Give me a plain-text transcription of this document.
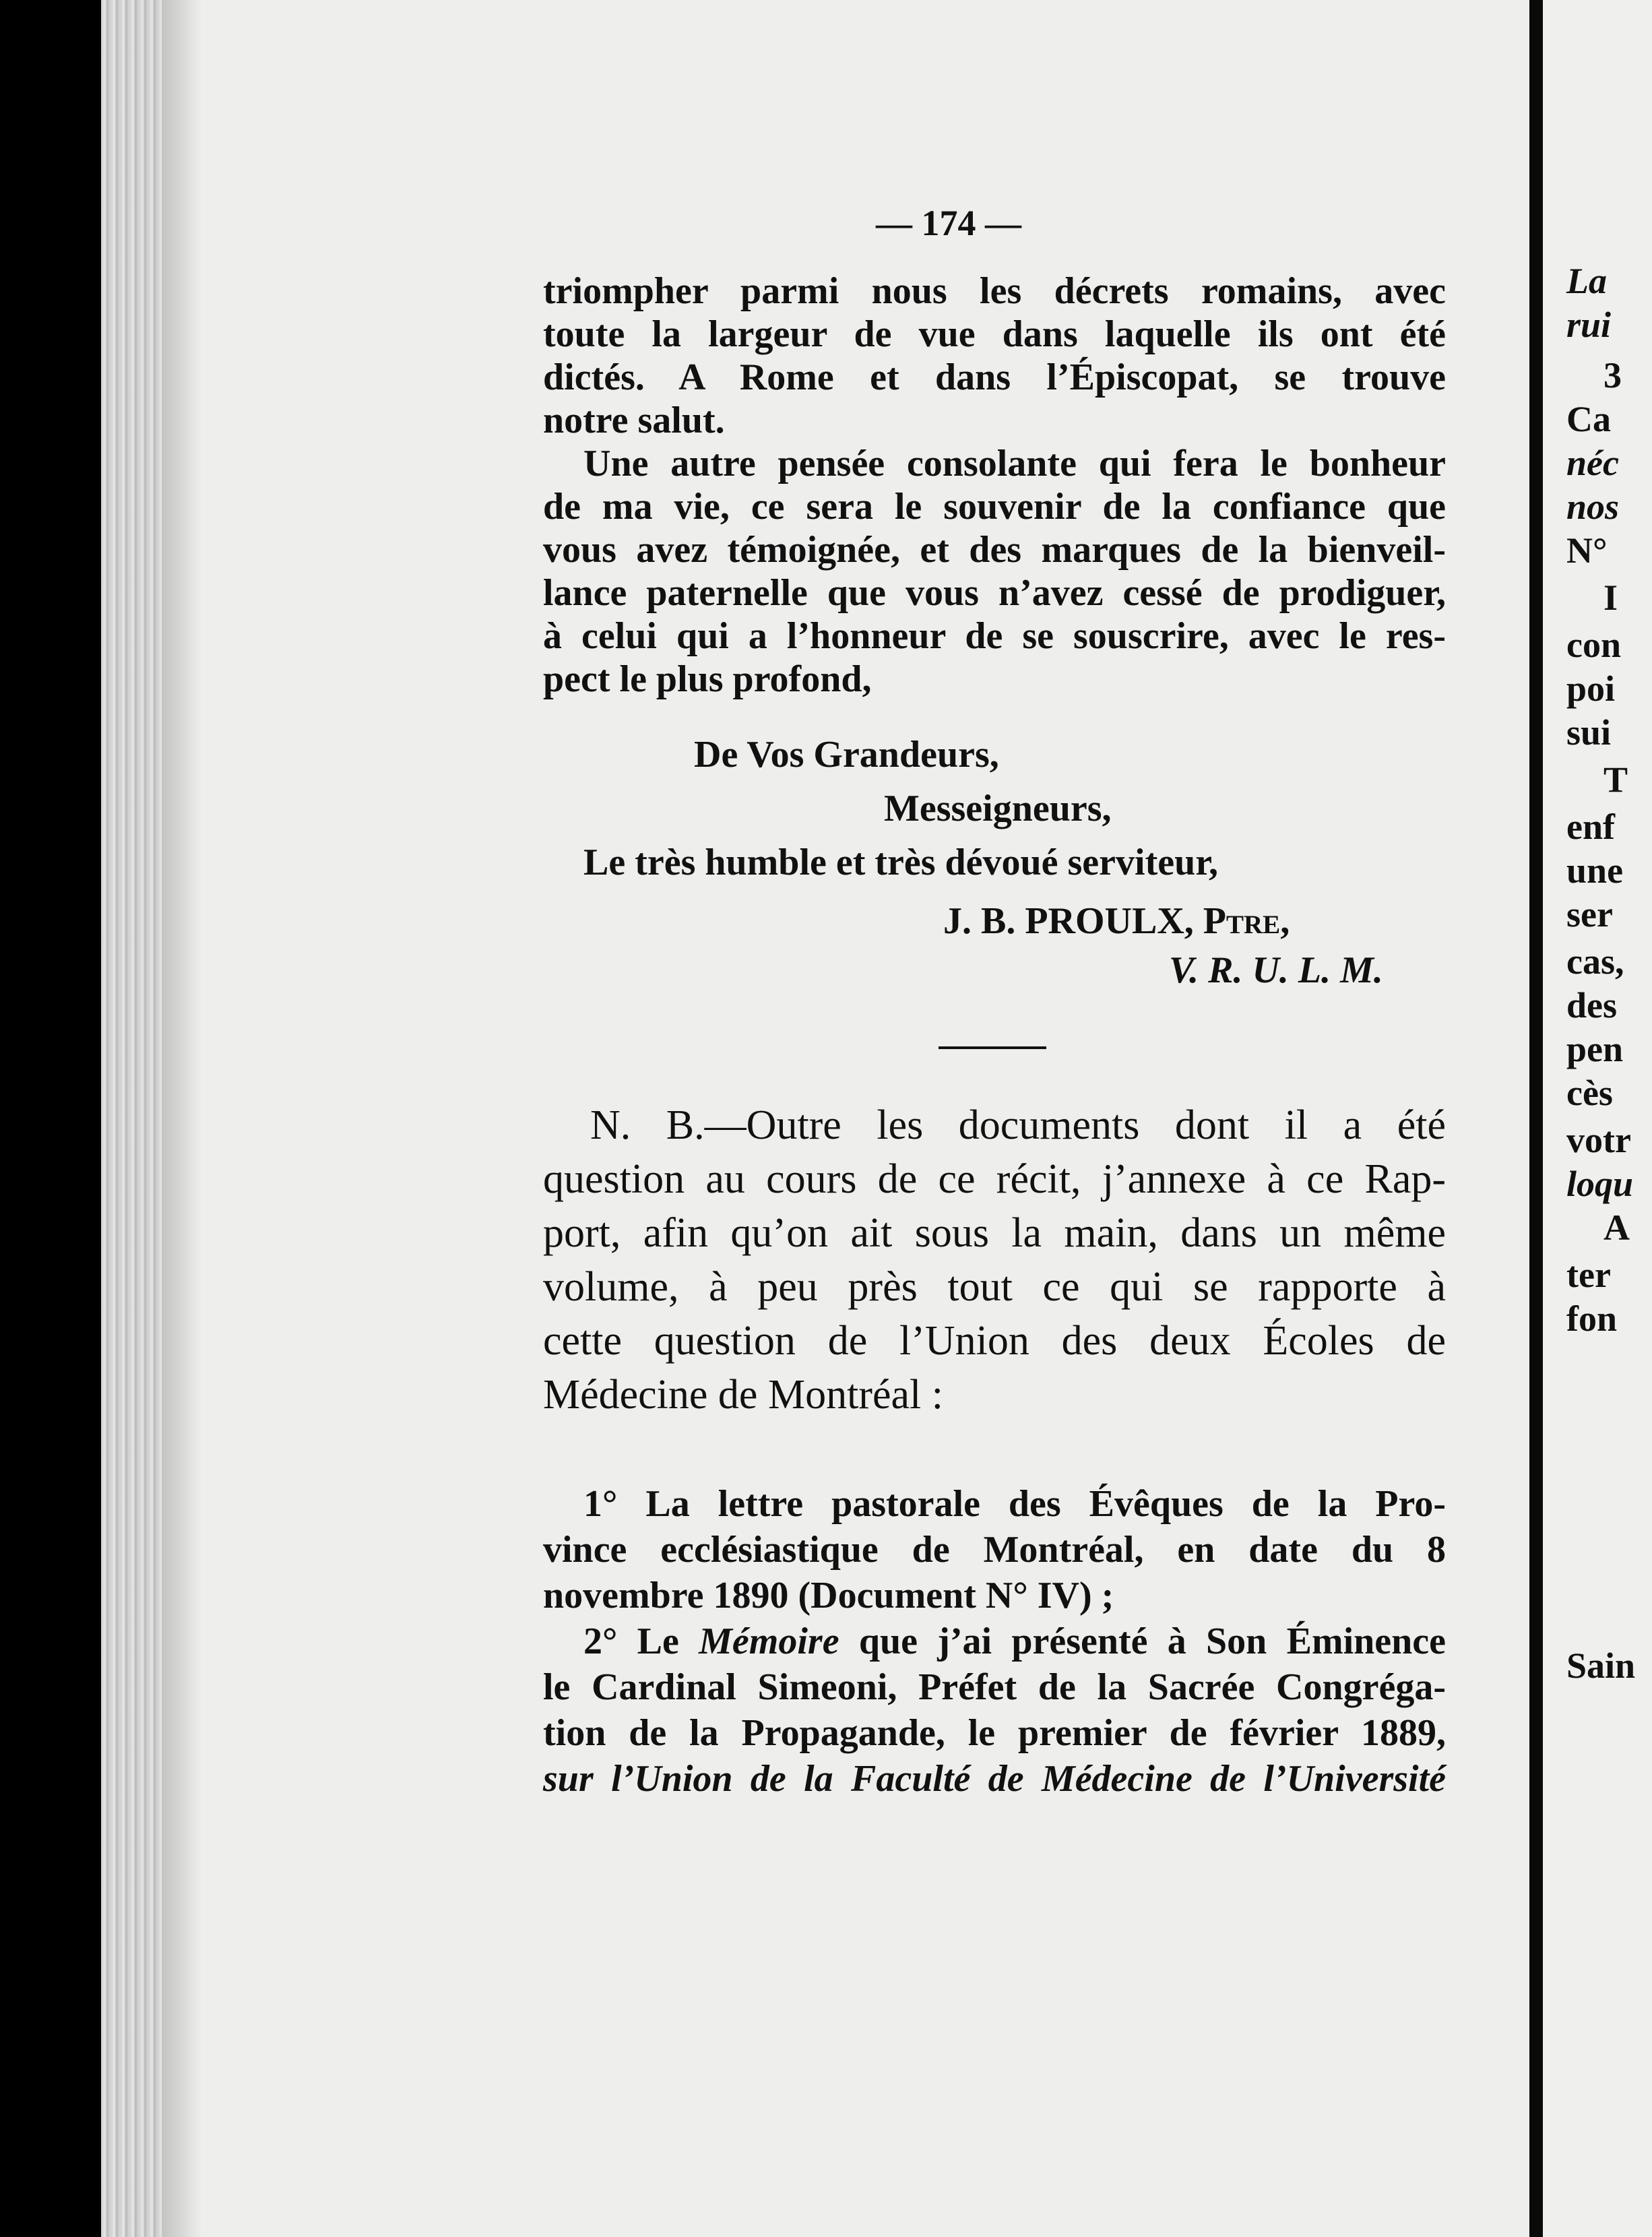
— 174 —

triompher parmi nous les décrets romains, avec

toute la largeur de vue dans laquelle ils ont été

dictés. A Rome et dans l’Épiscopat, se trouve

notre salut.

Une autre pensée consolante qui fera le bonheur

de ma vie, ce sera le souvenir de la confiance que

vous avez témoignée, et des marques de la bienveil-

lance paternelle que vous n’avez cessé de prodiguer,

à celui qui a l’honneur de se souscrire, avec le res-

pect le plus profond,

De Vos Grandeurs,
Messeigneurs,
Le très humble et très dévoué serviteur,
J. B. PROULX, Ptre,
V. R. U. L. M.

N. B.—Outre les documents dont il a été

question au cours de ce récit, j’annexe à ce Rap-

port, afin qu’on ait sous la main, dans un même

volume, à peu près tout ce qui se rapporte à

cette question de l’Union des deux Écoles de

Médecine de Montréal :

1° La lettre pastorale des Évêques de la Pro-

vince ecclésiastique de Montréal, en date du 8

novembre 1890 (Document N° IV) ;

2° Le Mémoire que j’ai présenté à Son Éminence

le Cardinal Simeoni, Préfet de la Sacrée Congréga-

tion de la Propagande, le premier de février 1889,

sur l’Union de la Faculté de Médecine de l’Université

La
rui
3
Ca
néc
nos
N°
I
con
poi
sui
T
enf
une
ser
cas,
des
pen
cès
votr
loqu
A
ter
fon
Sain
